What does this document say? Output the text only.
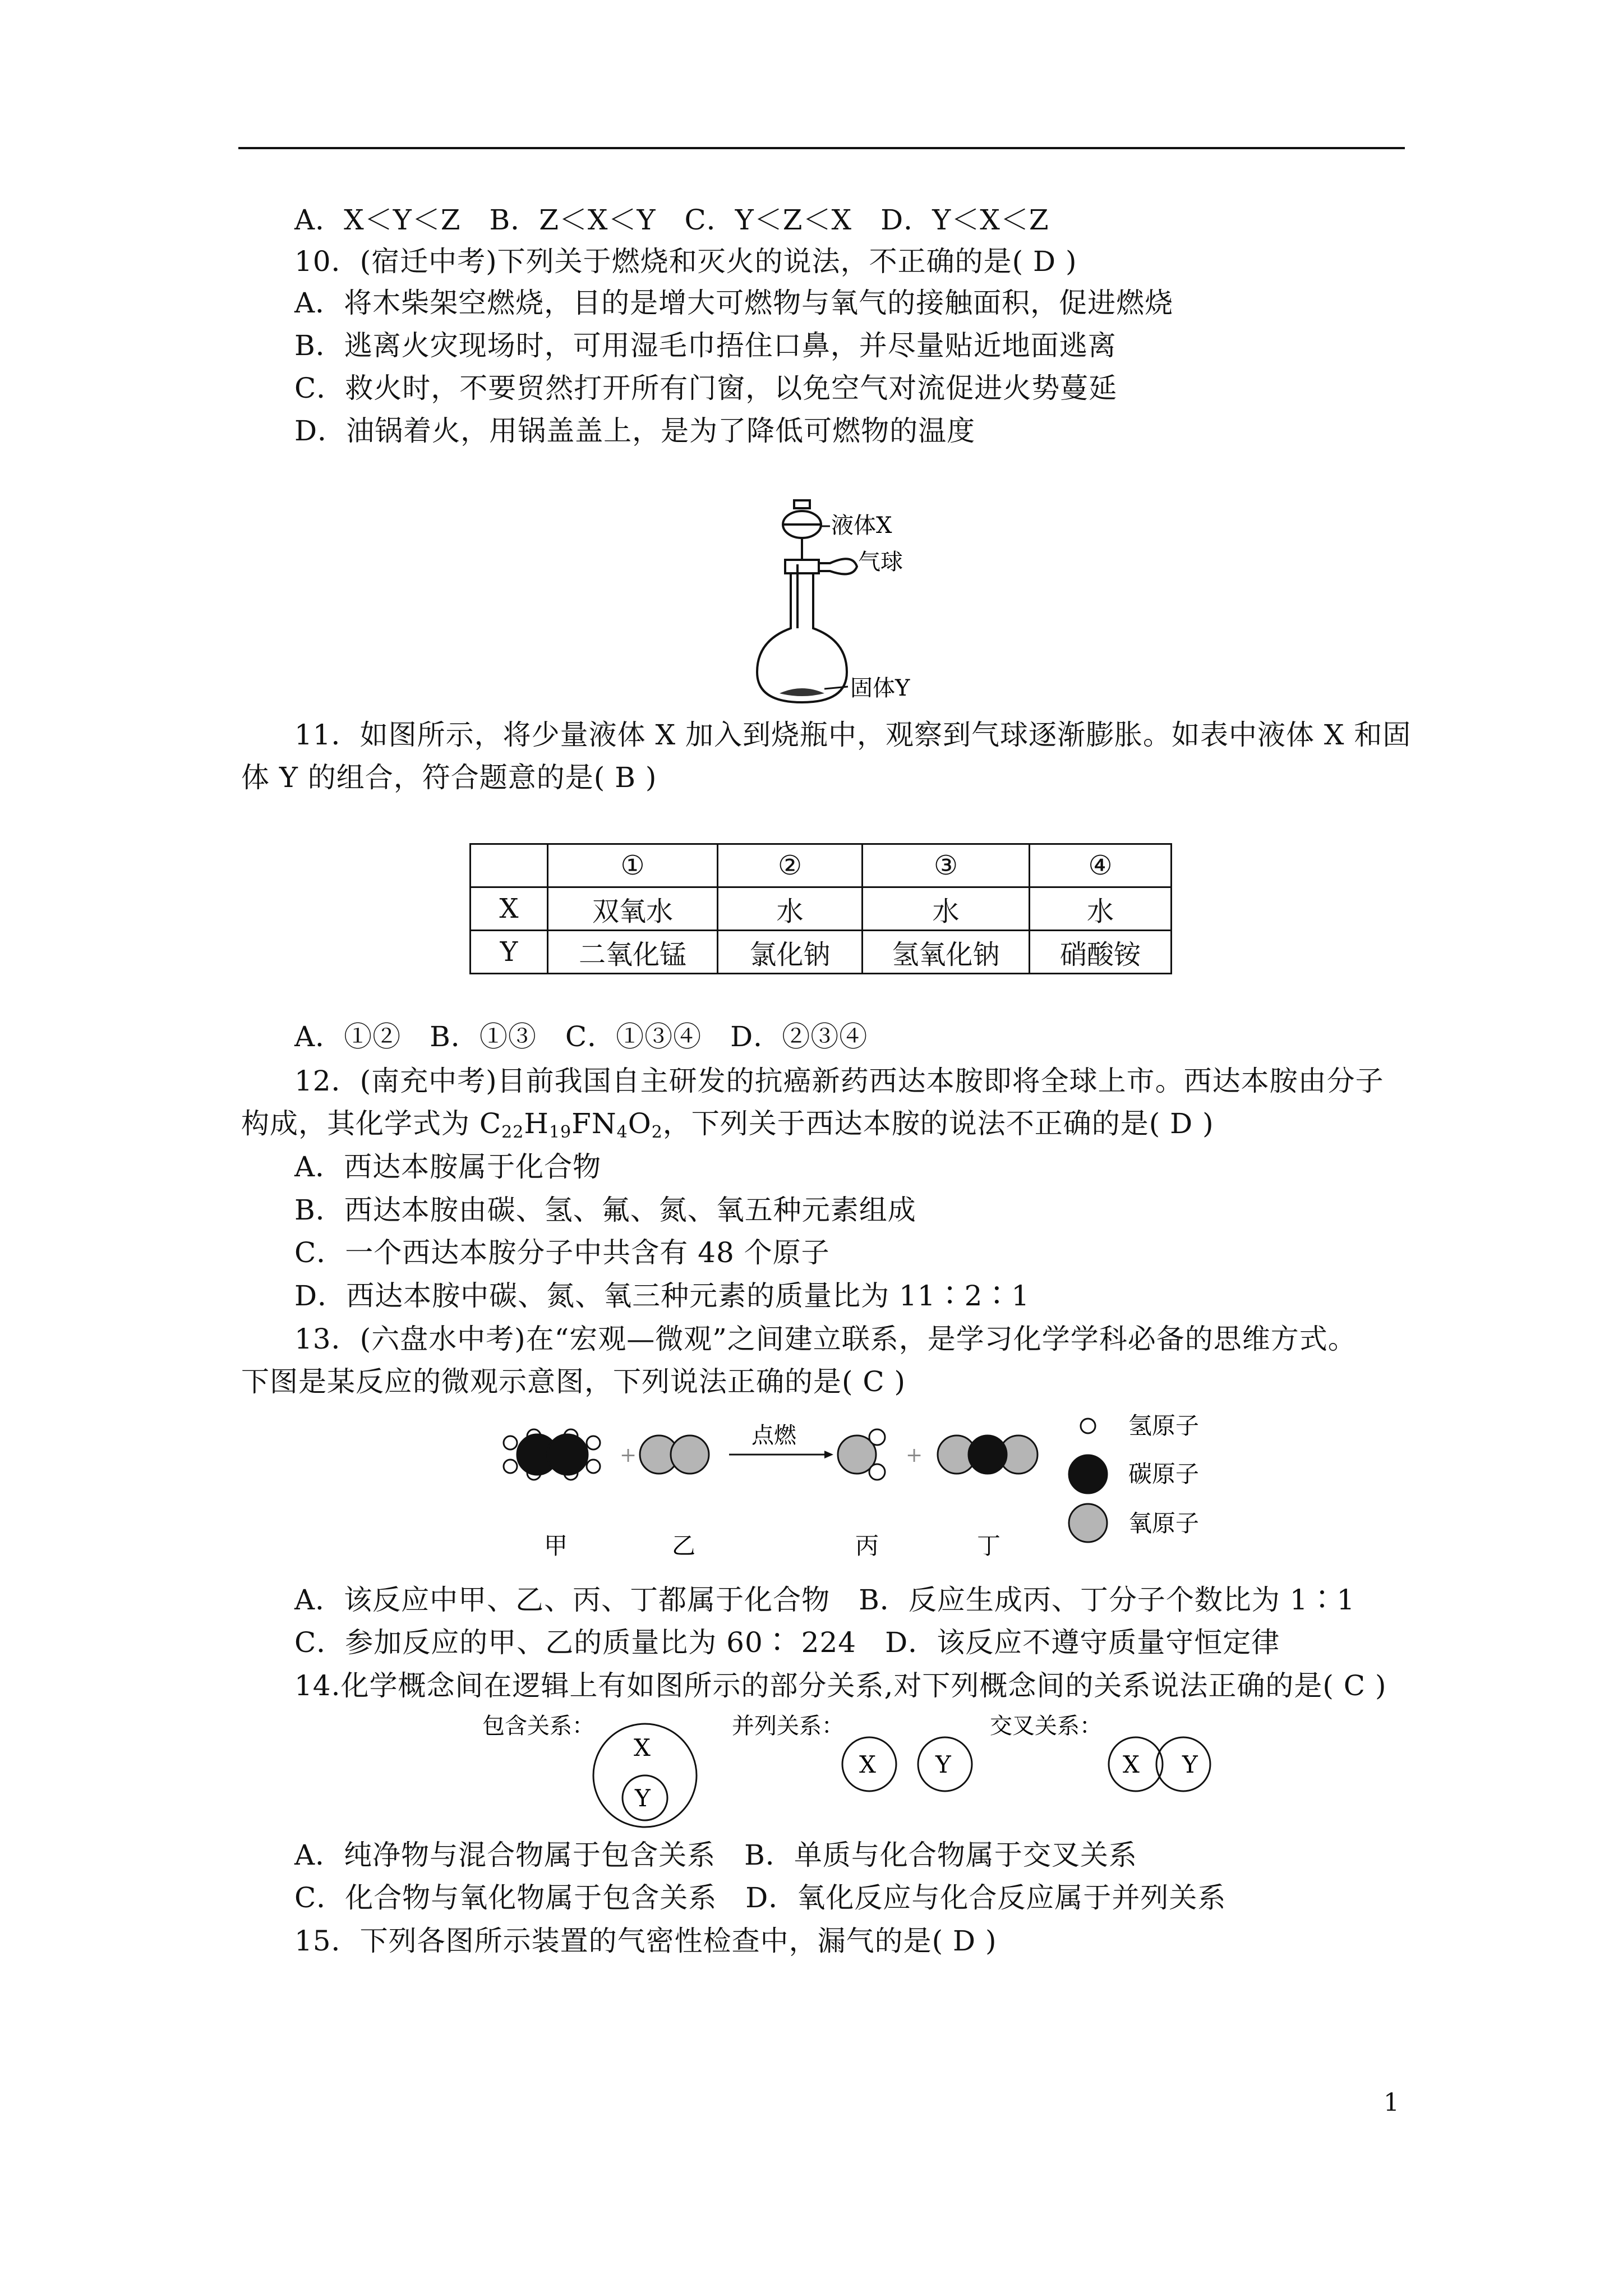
A．X＜Y＜Z　B．Z＜X＜Y　C．Y＜Z＜X　D．Y＜X＜Z
10．(宿迁中考)下列关于燃烧和灭火的说法，不正确的是( D )
A．将木柴架空燃烧，目的是增大可燃物与氧气的接触面积，促进燃烧
B．逃离火灾现场时，可用湿毛巾捂住口鼻，并尽量贴近地面逃离
C．救火时，不要贸然打开所有门窗，以免空气对流促进火势蔓延
D．油锅着火，用锅盖盖上，是为了降低可燃物的温度
液体X
气球
固体Y
11．如图所示，将少量液体 X 加入到烧瓶中，观察到气球逐渐膨胀。如表中液体 X 和固
体 Y 的组合，符合题意的是( B )
	①	②	③	④
X	双氧水	水	水	水
Y	二氧化锰	氯化钠	氢氧化钠	硝酸铵
A．①②　B．①③　C．①③④　D．②③④
12．(南充中考)目前我国自主研发的抗癌新药西达本胺即将全球上市。西达本胺由分子
构成，其化学式为 $C_{22}H_{19}FN_4O_2$，下列关于西达本胺的说法不正确的是( D )
A．西达本胺属于化合物
B．西达本胺由碳、氢、氟、氮、氧五种元素组成
C．一个西达本胺分子中共含有 48 个原子
D．西达本胺中碳、氮、氧三种元素的质量比为 11∶2∶1
13．(六盘水中考)在“宏观—微观”之间建立联系，是学习化学学科必备的思维方式。
下图是某反应的微观示意图，下列说法正确的是( C )
点燃
+	+
甲	乙	丙	丁
氢原子
碳原子
氧原子
A．该反应中甲、乙、丙、丁都属于化合物　B．反应生成丙、丁分子个数比为 1∶1
C．参加反应的甲、乙的质量比为 60∶ 224　D．该反应不遵守质量守恒定律
14.化学概念间在逻辑上有如图所示的部分关系,对下列概念间的关系说法正确的是( C )
包含关系：
X
Y
并列关系：
X	Y
交叉关系：
X Y
A．纯净物与混合物属于包含关系　B．单质与化合物属于交叉关系
C．化合物与氧化物属于包含关系　D．氧化反应与化合反应属于并列关系
15．下列各图所示装置的气密性检查中，漏气的是( D )
1
